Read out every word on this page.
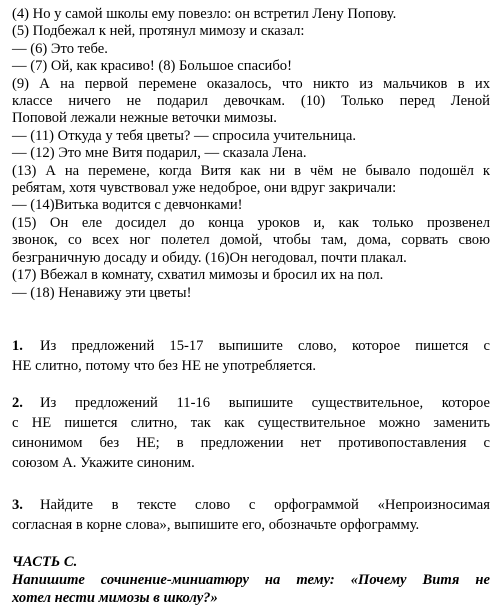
(4) Но у самой школы ему повезло: он встретил Лену Попову.

(5) Подбежал к ней, протянул мимозу и сказал:

— (6) Это тебе.

— (7) Ой, как красиво! (8) Большое спасибо!

(9) А на первой перемене оказалось, что никто из мальчиков в их

классе ничего не подарил девочкам. (10) Только перед Леной

Поповой лежали нежные веточки мимозы.

— (11) Откуда у тебя цветы? — спросила учительница.

— (12) Это мне Витя подарил, — сказала Лена.

(13) А на перемене, когда Витя как ни в чём не бывало подошёл к

ребятам, хотя чувствовал уже недоброе, они вдруг закричали:

— (14)Витька водится с девчонками!

(15) Он еле досидел до конца уроков и, как только прозвенел

звонок, со всех ног полетел домой, чтобы там, дома, сорвать свою

безграничную досаду и обиду. (16)Он негодовал, почти плакал.

(17) Вбежал в комнату, схватил мимозы и бросил их на пол.

— (18) Ненавижу эти цветы!

1. Из предложений 15-17 выпишите слово, которое пишется с
НЕ слитно, потому что без НЕ не употребляется.
2. Из предложений 11-16 выпишите существительное, которое
с НЕ пишется слитно, так как существительное можно заменить
синонимом без НЕ; в предложении нет противопоставления с
союзом А. Укажите синоним.
3. Найдите в тексте слово с орфограммой «Непроизносимая
согласная в корне слова», выпишите его, обозначьте орфограмму.

ЧАСТЬ С.

Напишите сочинение-миниатюру на тему: «Почему Витя не

хотел нести мимозы в школу?»
